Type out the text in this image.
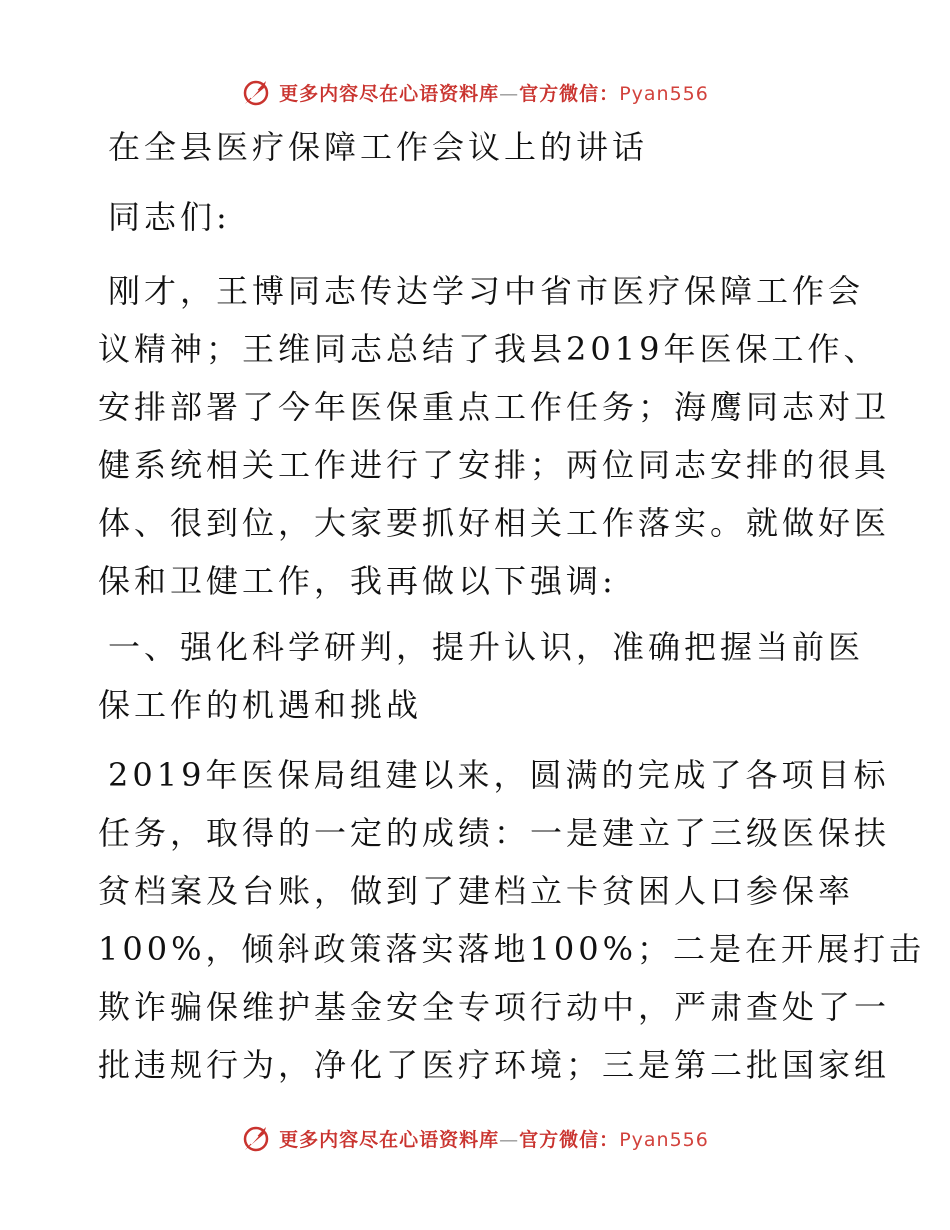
更多内容尽在心语资料库—官方微信：Pyan556

在全县医疗保障工作会议上的讲话

同志们:

刚才，王博同志传达学习中省市医疗保障工作会

议精神；王维同志总结了我县2019年医保工作、

安排部署了今年医保重点工作任务；海鹰同志对卫

健系统相关工作进行了安排；两位同志安排的很具

体、很到位，大家要抓好相关工作落实。就做好医

保和卫健工作，我再做以下强调:

一、强化科学研判，提升认识，准确把握当前医

保工作的机遇和挑战

2019年医保局组建以来，圆满的完成了各项目标

任务，取得的一定的成绩：一是建立了三级医保扶

贫档案及台账，做到了建档立卡贫困人口参保率

100%，倾斜政策落实落地100%；二是在开展打击

欺诈骗保维护基金安全专项行动中，严肃查处了一

批违规行为，净化了医疗环境；三是第二批国家组

更多内容尽在心语资料库—官方微信：Pyan556
